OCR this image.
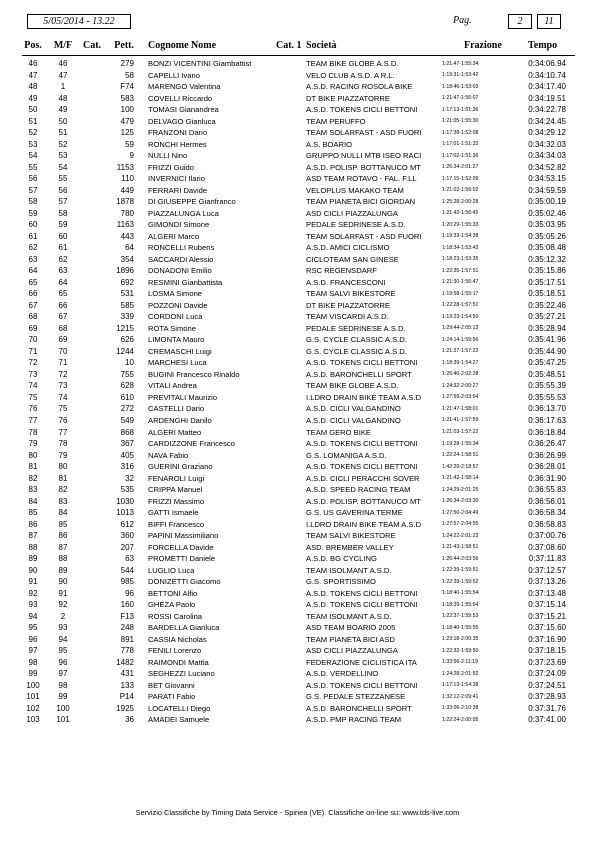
5/05/2014 - 13.22	Pag.	2	11
Pos. M/F Cat.	Pett. Cognome Nome	Cat. 1 Società	Frazione	Tempo
46	46	279 BONZI VICENTINI Giambattist	TEAM BIKE GLOBE A.S.D.	1:21:47-1:55:34	0:34:06.94
47	47	58 CAPELLI Ivano	VELO CLUB A.S.D. A R.L.	1:19:31-1:53:42	0:34:10.74
48	1	F74 MARENGO Valentina	A.S.D. RACING ROSOLA BIKE	1:18:46-1:53:03	0:34:17.40
49	48	583 COVELLI Riccardo	DT BIKE PIAZZATORRE	1:21:47-1:56:07	0:34:19.51
50	49	100 TOMASI Gianandrea	A.S.D. TOKENS CICLI BETTONI	1:17:13-1:51:36	0:34:22.78
51	50	479 DELVAGO Gianluca	TEAM PERUFFO	1:21:05-1:55:30	0:34:24.45
52	51	125 FRANZONI Dario	TEAM SOLARFAST - ASD FUORI	1:17:38-1:52:08	0:34:29.12
53	52	59 RONCHI Hermes	A.S. BOARIO	1:17:01-1:51:33	0:34:32.03
54	53	9 NULLI Nino	GRUPPO NULLI MTB ISEO RACI	1:17:02-1:51:36	0:34:34.03
55	54	1153 FRIZZI Guido	A.S.D. POLISP. BOTTANUCO MT	1:26:34-2:01:27	0:34:52.82
56	55	110 INVERNICI Ilario	ASD TEAM ROTAVO - FAL. F.LL	1:17:15-1:52:09	0:34:53.15
57	56	449 FERRARI Davide	VELOPLUS MAKAKO TEAM	1:21:02-1:56:02	0:34:59.59
58	57	1878 DI GIUSEPPE Gianfranco	TEAM PIANETA BICI GIORDAN	1:25:28-2:00:28	0:35:00.19
59	58	780 PIAZZALUNGA Luca	ASD CICLI PIAZZALUNGA	1:21:42-1:56:45	0:35:02.46
60	59	1163 GIMONDI Simone	PEDALE SEDRINESE A.S.D.	1:20:29-1:55:33	0:35:03.95
61	60	443 ALGERI Marco	TEAM SOLARFAST - ASD FUORI	1:19:33-1:54:38	0:35:05.26
62	61	64 RONCELLI Rubens	A.S.D. AMICI CICLISMO	1:18:34-1:53:43	0:35:08.48
63	62	354 SACCARDI Alessio	CICLOTEAM SAN GINESE	1:18:23-1:53:35	0:35:12.32
64	63	1896 DONADONI Emilio	RSC REGENSDARF	1:22:35-1:57:51	0:35:15.86
65	64	692 RESMINI Gianbattista	A.S.D. FRANCESCONI	1:21:30-1:56:47	0:35:17.51
66	65	531 LOSMA Simone	TEAM SALVI BIKESTORE	1:19:58-1:55:17	0:35:18.51
67	66	585 POZZONI Davide	DT BIKE PIAZZATORRE	1:22:28-1:57:51	0:35:22.46
68	67	339 CORDONI Luca	TEAM VISCARDI A.S.D.	1:19:23-1:54:50	0:35:27.21
69	68	1215 ROTA Simone	PEDALE SEDRINESE A.S.D.	1:29:44-2:05:13	0:35:28.94
70	69	626 LIMONTA Mauro	G.S. CYCLE CLASSIC A.S.D.	1:24:14-1:59:56	0:35:41.96
71	70	1244 CREMASCHI Luigi	G.S. CYCLE CLASSIC A.S.D.	1:21:37-1:57:22	0:35:44.90
72	71	10 MARCHESI Luca	A.S.D. TOKENS CICLI BETTONI	1:18:39-1:54:27	0:35:47.25
73	72	755 BUGINI Francesco Rinaldo	A.S.D. BARONCHELLI SPORT	1:26:40-2:02:28	0:35:48.51
74	73	628 VITALI Andrea	TEAM BIKE GLOBE A.S.D.	1:24:32-2:00:27	0:35:55.39
75	74	610 PREVITALI Maurizio	I.LDRO DRAIN BIKE TEAM A.S.D	1:27:59-2:03:54	0:35:55.53
76	75	272 CASTELLI Dario	A.S.D. CICLI VALGANDINO	1:21:47-1:58:01	0:36:13.70
77	76	549 ARDENGHI Danilo	A.S.D. CICLI VALGANDINO	1:21:41-1:57:59	0:36:17.63
78	77	868 ALGERI Matteo	TEAM GERO BIKE	1:21:03-1:57:22	0:36:18.84
79	78	367 CARDIZZONE Francesco	A.S.D. TOKENS CICLI BETTONI	1:19:28-1:55:34	0:36:26.47
80	79	405 NAVA Fabio	G.S. LOMANIGA A.S.D.	1:22:24-1:58:51	0:36:26.99
81	80	316 GUERINI Graziano	A.S.D. TOKENS CICLI BETTONI	1:42:29-2:18:57	0:36:28.01
82	81	32 FENAROLI Luigi	A.S.D. CICLI PERACCHI SOVER	1:21:42-1:58:14	0:36:31.90
83	82	535 CRIPPA Manuel	A.S.D. SPEED RACING TEAM	1:24:29-2:01:25	0:36:55.83
84	83	1030 FRIZZI Massimo	A.S.D. POLISP. BOTTANUCO MT	1:26:34-2:03:30	0:36:56.01
85	84	1013 GATTI Ismaele	G.S. US GAVERINA TERME	1:27:50-2:04:49	0:36:58.34
86	85	612 BIFFI Francesco	I.LDRO DRAIN BIKE TEAM A.S.D	1:27:57-2:04:55	0:36:58.83
87	86	360 PAPINI Massimiliano	TEAM SALVI BIKESTORE	1:24:22-2:01:23	0:37:00.76
88	87	207 FORCELLA Davide	ASD. BREMBER VALLEY	1:21:43-1:58:51	0:37:08.60
89	88	63 PROMETTI Daniele	A.S.D. BG CYCLING	1:26:44-2:03:56	0:37:11.83
90	89	544 LUGLIO Luca	TEAM ISOLMANT A.S.D.	1:22:39-1:59:51	0:37:12.57
91	90	985 DONIZETTI Giacomo	G.S. SPORTISSIMO	1:22:39-1:59:52	0:37:13.26
92	91	96 BETTONI Alfio	A.S.D. TOKENS CICLI BETTONI	1:18:40-1:55:54	0:37:13.48
93	92	160 GHEZA Paolo	A.S.D. TOKENS CICLI BETTONI	1:18:39-1:55:54	0:37:15.14
94	2	F13 ROSSI Carolina	TEAM ISOLMANT A.S.D.	1:22:37-1:59:53	0:37:15.21
95	93	248 BARDELLA Gianluca	ASD TEAM BOARIO 2005	1:18:40-1:55:55	0:37:15.60
96	94	891 CASSIA Nicholas	TEAM PIANETA BICI ASD	1:23:18-2:00:35	0:37:16.90
97	95	778 FENILI Lorenzo	ASD CICLI PIAZZALUNGA	1:22:32-1:59:50	0:37:18.15
98	96	1482 RAIMONDI Mattia	FEDERAZIONE CICLISTICA ITA	1:33:56-2:11:19	0:37:23.69
99	97	431 SEGHEZZI Luciano	A.S.D. VERDELLINO	1:24:28-2:01:52	0:37:24.09
100	98	133 BET Giovanni	A.S.D. TOKENS CICLI BETTONI	1:17:13-1:54:38	0:37:24.51
101	99	P14 PARATI Fabio	G.S. PEDALE STEZZANESE	1:32:12-2:09:41	0:37:28.93
102	100	1925 LOCATELLI Diego	A.S.D. BARONCHELLI SPORT	1:33:06-2:10:38	0:37:31.76
103	101	36 AMADEI Samuele	A.S.D. PMP RACING TEAM	1:22:24-2:00:05	0:37:41.00
Servizio Classifiche by Timing Data Service - Spinea (VE). Classifiche on-line su: www.tds-live.com
